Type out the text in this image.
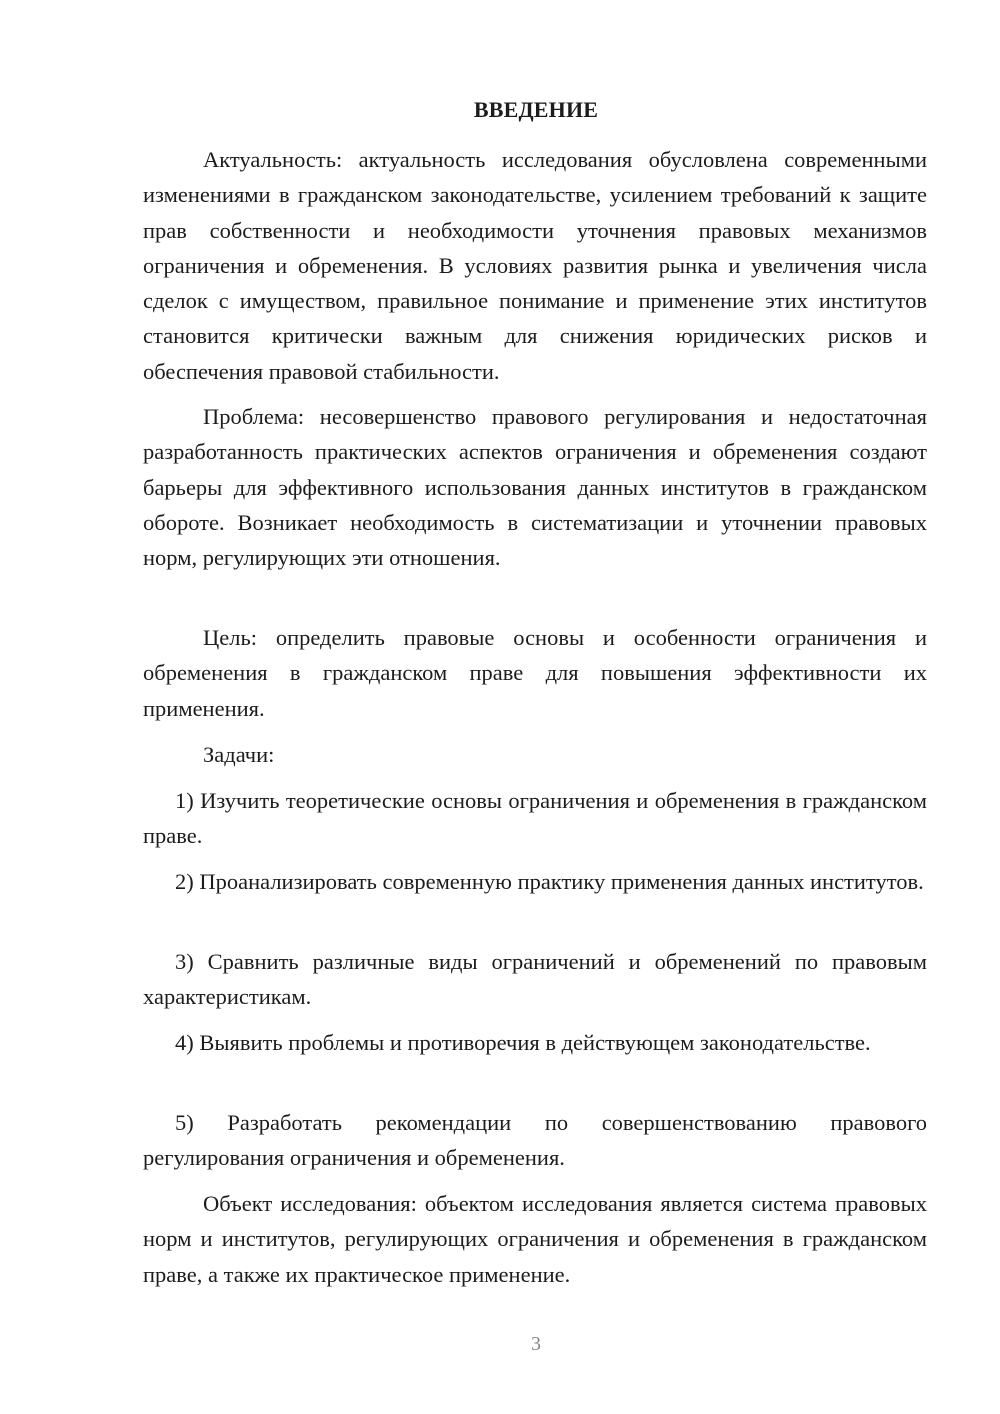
ВВЕДЕНИЕ

Актуальность: актуальность исследования обусловлена современными изменениями в гражданском законодательстве, усилением требований к защите прав собственности и необходимости уточнения правовых механизмов ограничения и обременения. В условиях развития рынка и увеличения числа сделок с имуществом, правильное понимание и применение этих институтов становится критически важным для снижения юридических рисков и обеспечения правовой стабильности.

Проблема: несовершенство правового регулирования и недостаточная разработанность практических аспектов ограничения и обременения создают барьеры для эффективного использования данных институтов в гражданском обороте. Возникает необходимость в систематизации и уточнении правовых норм, регулирующих эти отношения.

Цель: определить правовые основы и особенности ограничения и обременения в гражданском праве для повышения эффективности их применения.

Задачи:

1) Изучить теоретические основы ограничения и обременения в гражданском праве.

2) Проанализировать современную практику применения данных институтов.

3) Сравнить различные виды ограничений и обременений по правовым характеристикам.

4) Выявить проблемы и противоречия в действующем законодательстве.

5) Разработать рекомендации по совершенствованию правового регулирования ограничения и обременения.

Объект исследования: объектом исследования является система правовых норм и институтов, регулирующих ограничения и обременения в гражданском праве, а также их практическое применение.

3
